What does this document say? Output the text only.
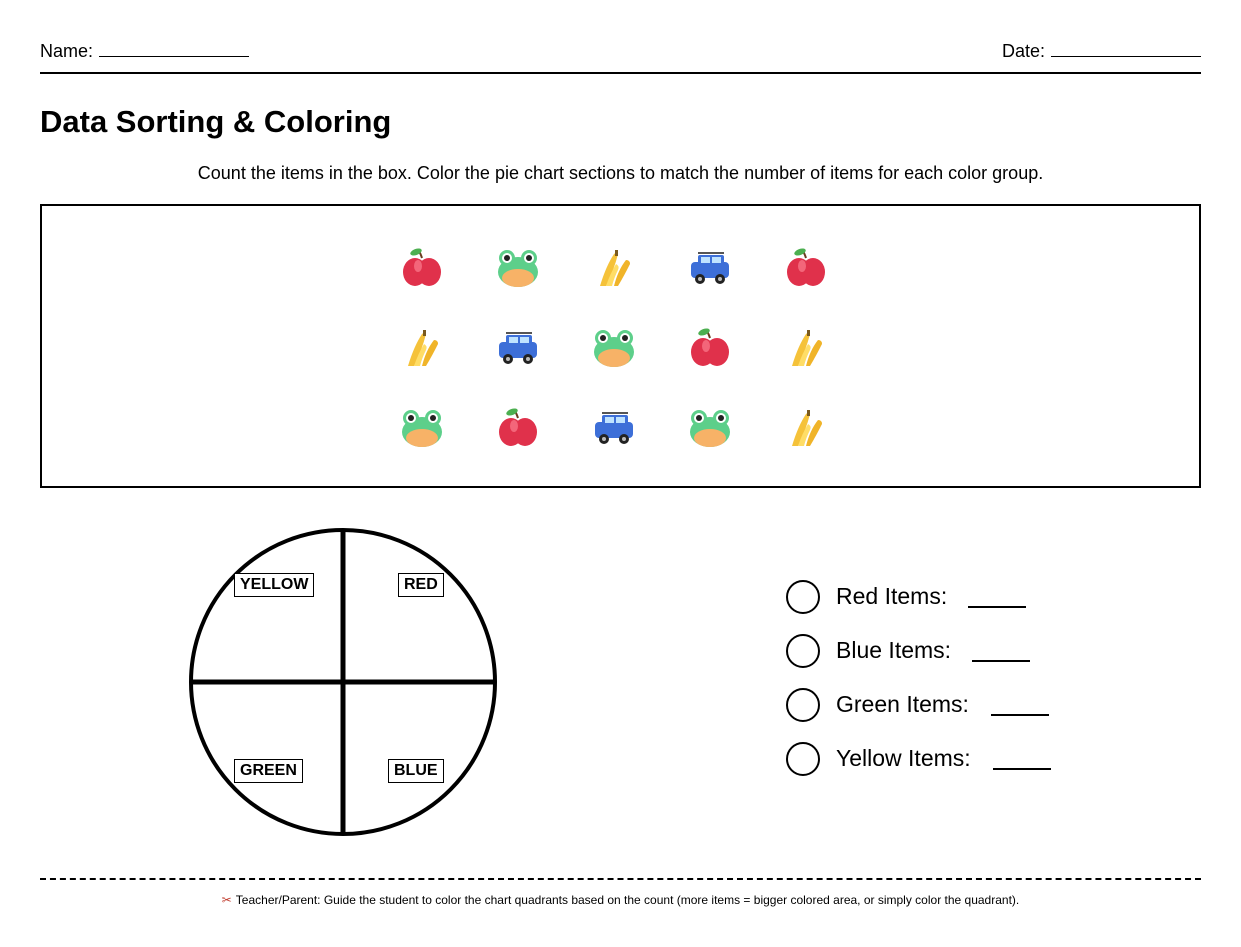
Name:	Date:
Data Sorting & Coloring
Count the items in the box. Color the pie chart sections to match the number of items for each color group.
YELLOW	RED
GREEN	BLUE
Red Items:
Blue Items:
Green Items:
Yellow Items:
✂ Teacher/Parent: Guide the student to color the chart quadrants based on the count (more items = bigger colored area, or simply color the quadrant).
